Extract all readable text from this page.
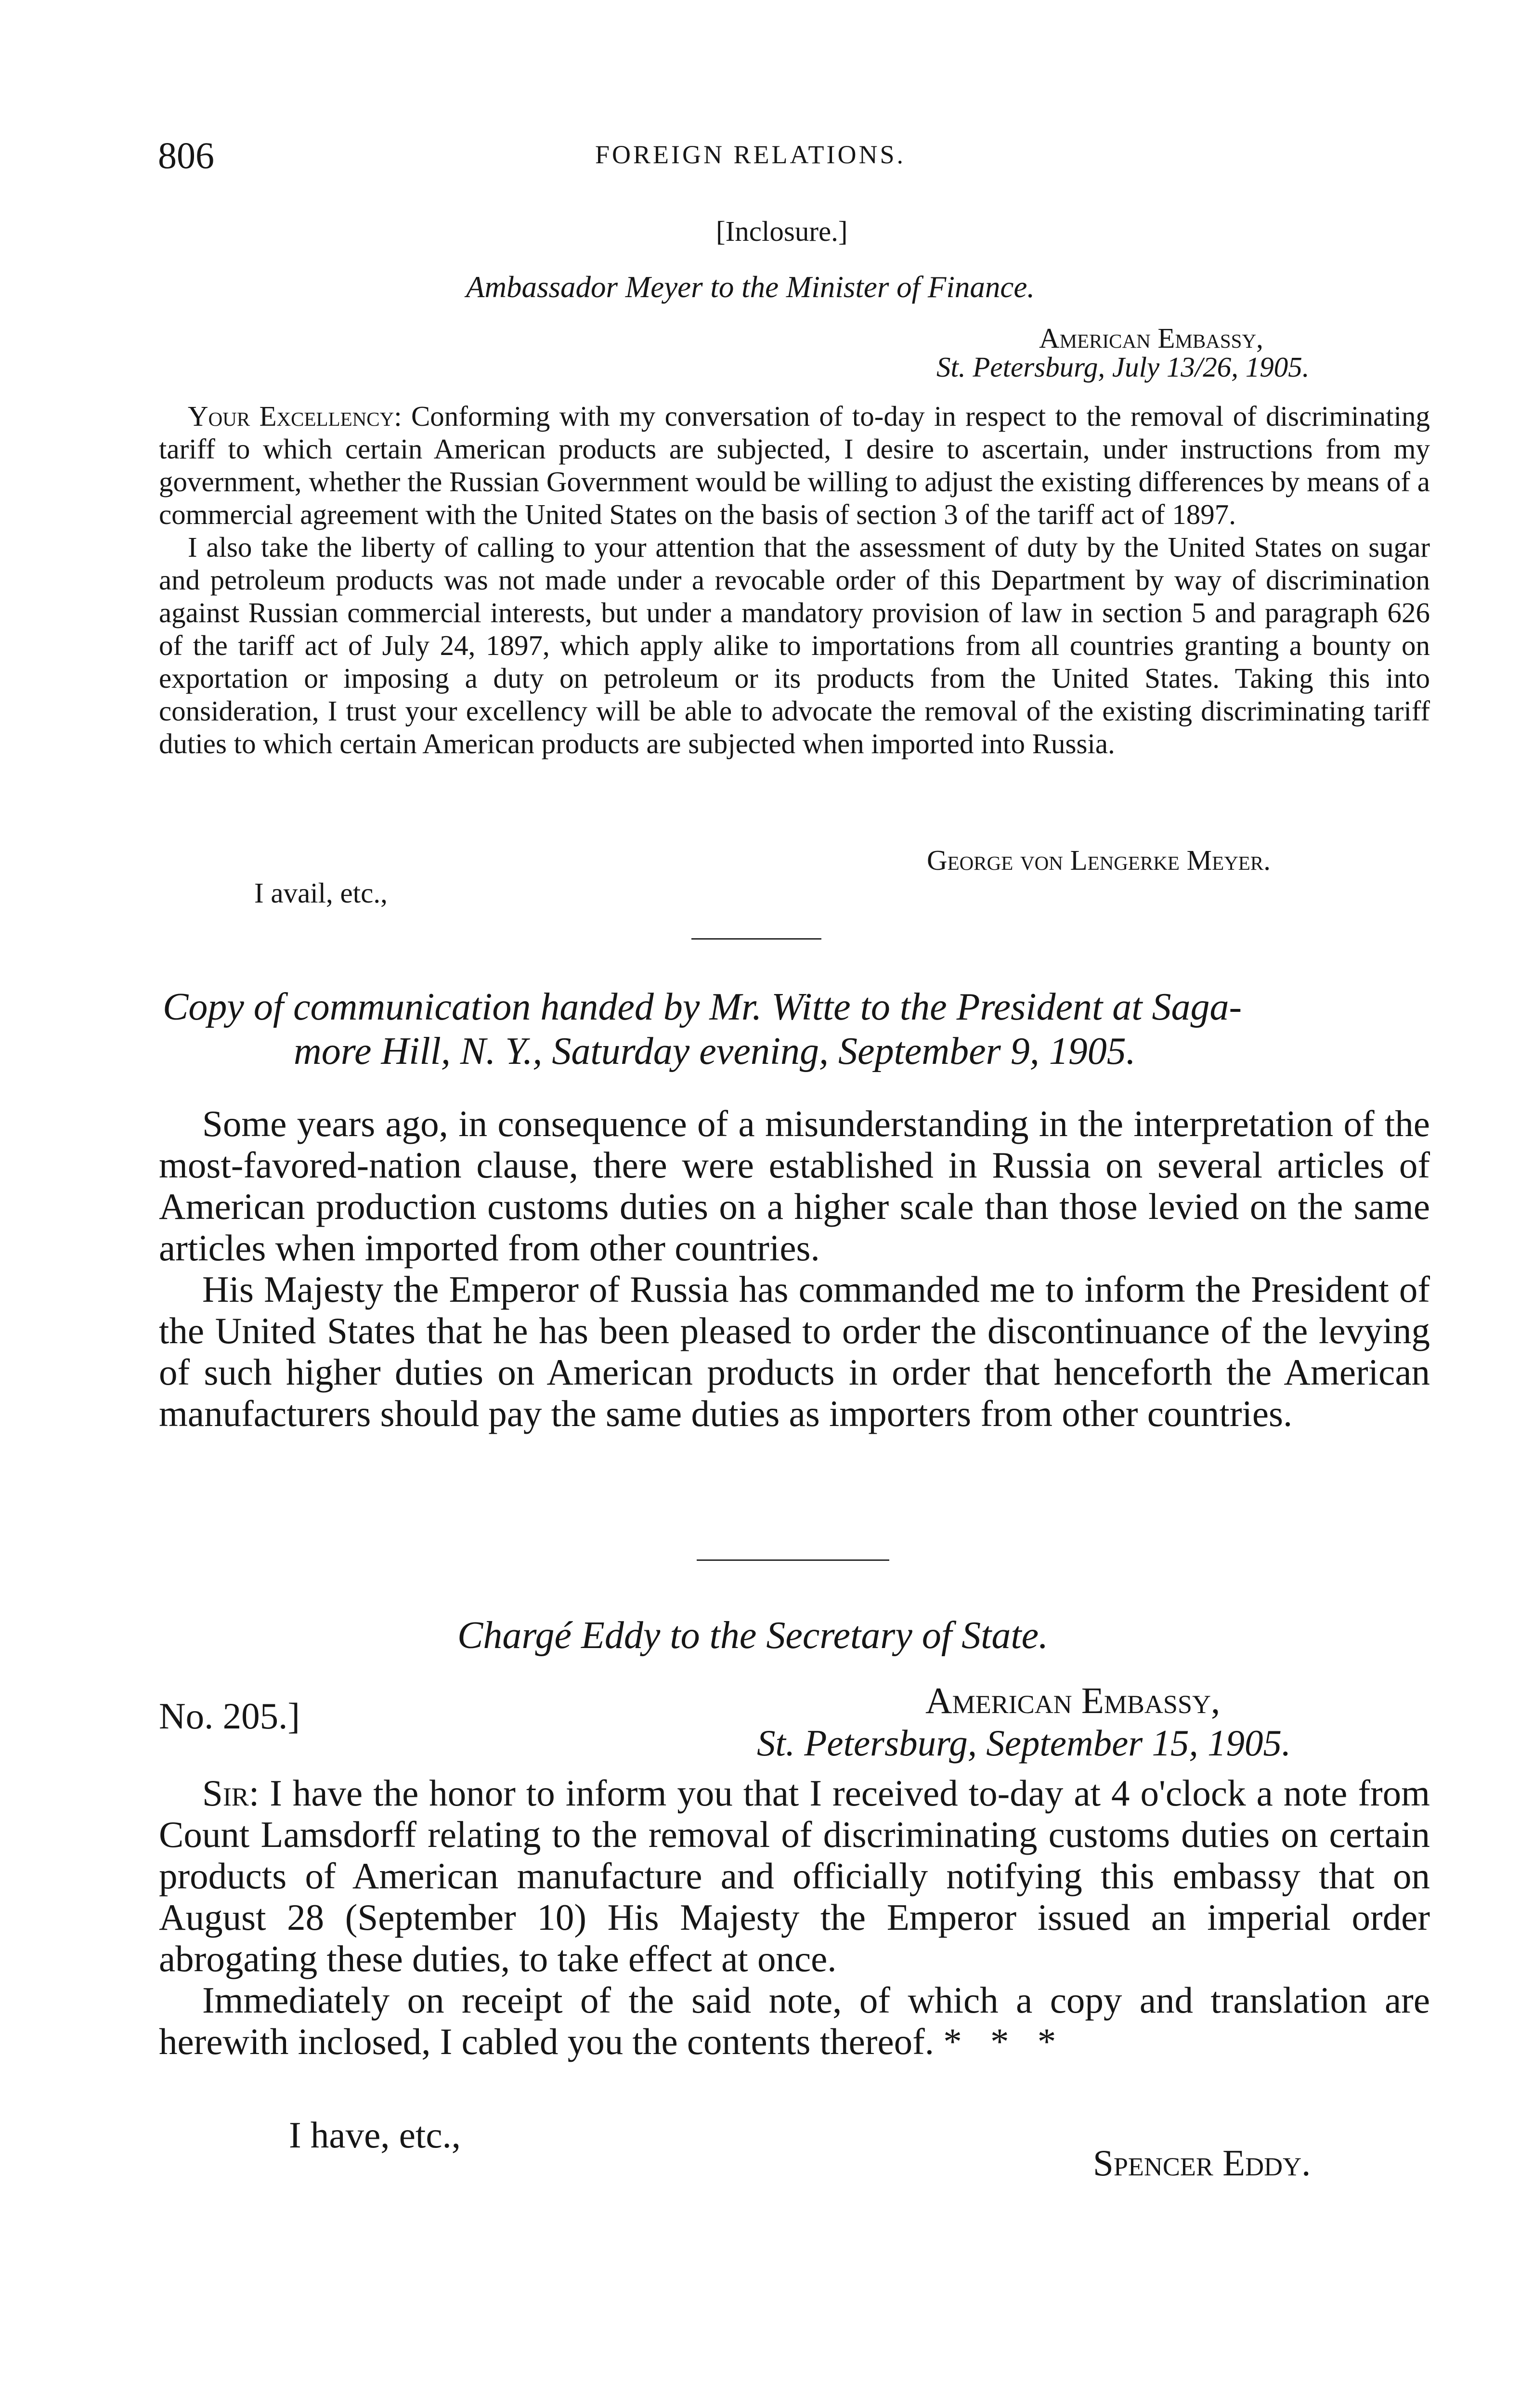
806	FOREIGN RELATIONS.
[Inclosure.]
Ambassador Meyer to the Minister of Finance.
American Embassy,
St. Petersburg, July 13/26, 1905.

Your Excellency: Conforming with my conversation of to-day in respect to the removal of discriminating tariff to which certain American products are subjected, I desire to ascertain, under instructions from my government, whether the Russian Government would be willing to adjust the existing differences by means of a commercial agreement with the United States on the basis of section 3 of the tariff act of 1897.

I also take the liberty of calling to your attention that the assessment of duty by the United States on sugar and petroleum products was not made under a revocable order of this Department by way of discrimination against Russian commercial interests, but under a mandatory provision of law in section 5 and paragraph 626 of the tariff act of July 24, 1897, which apply alike to importations from all countries granting a bounty on exportation or imposing a duty on petroleum or its products from the United States. Taking this into consideration, I trust your excellency will be able to advocate the removal of the existing discriminating tariff duties to which certain American products are subjected when imported into Russia.

I avail, etc.,
George von Lengerke Meyer.
Copy of communication handed by Mr. Witte to the President at Saga-
more Hill, N. Y., Saturday evening, September 9, 1905.

Some years ago, in consequence of a misunderstanding in the interpretation of the most-favored-nation clause, there were established in Russia on several articles of American production customs duties on a higher scale than those levied on the same articles when imported from other countries.

His Majesty the Emperor of Russia has commanded me to inform the President of the United States that he has been pleased to order the discontinuance of the levying of such higher duties on American products in order that henceforth the American manufacturers should pay the same duties as importers from other countries.

Chargé Eddy to the Secretary of State.
No. 205.]	American Embassy,
St. Petersburg, September 15, 1905.

Sir: I have the honor to inform you that I received to-day at 4 o'clock a note from Count Lamsdorff relating to the removal of discriminating customs duties on certain products of American manufacture and officially notifying this embassy that on August 28 (September 10) His Majesty the Emperor issued an imperial order abrogating these duties, to take effect at once.

Immediately on receipt of the said note, of which a copy and translation are herewith inclosed, I cabled you the contents thereof. * * *

I have, etc.,
Spencer Eddy.
